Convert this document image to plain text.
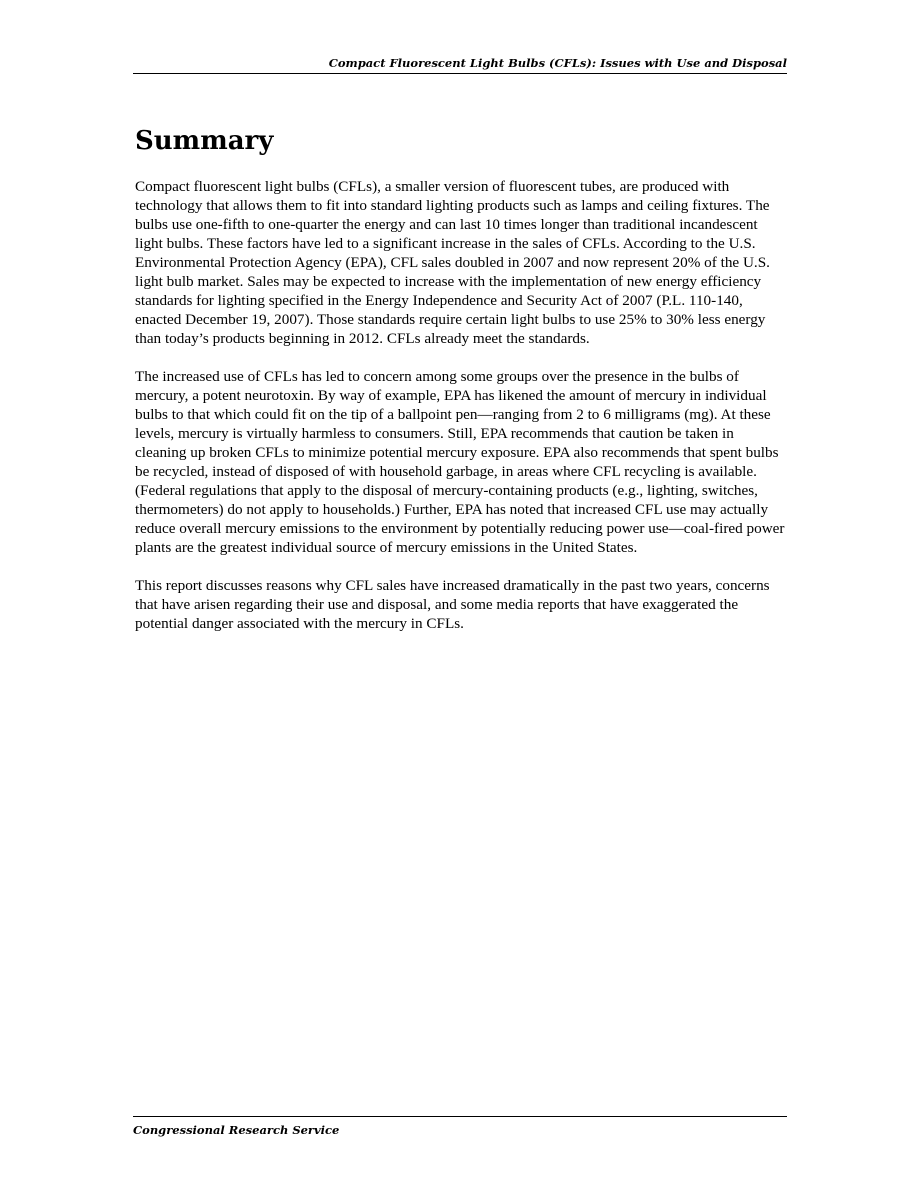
Compact Fluorescent Light Bulbs (CFLs): Issues with Use and Disposal
Summary

Compact fluorescent light bulbs (CFLs), a smaller version of fluorescent tubes, are produced with technology that allows them to fit into standard lighting products such as lamps and ceiling fixtures. The bulbs use one-fifth to one-quarter the energy and can last 10 times longer than traditional incandescent light bulbs. These factors have led to a significant increase in the sales of CFLs. According to the U.S. Environmental Protection Agency (EPA), CFL sales doubled in 2007 and now represent 20% of the U.S. light bulb market. Sales may be expected to increase with the implementation of new energy efficiency standards for lighting specified in the Energy Independence and Security Act of 2007 (P.L. 110-140, enacted December 19, 2007). Those standards require certain light bulbs to use 25% to 30% less energy than today’s products beginning in 2012. CFLs already meet the standards.

The increased use of CFLs has led to concern among some groups over the presence in the bulbs of mercury, a potent neurotoxin. By way of example, EPA has likened the amount of mercury in individual bulbs to that which could fit on the tip of a ballpoint pen—ranging from 2 to 6 milligrams (mg). At these levels, mercury is virtually harmless to consumers. Still, EPA recommends that caution be taken in cleaning up broken CFLs to minimize potential mercury exposure. EPA also recommends that spent bulbs be recycled, instead of disposed of with household garbage, in areas where CFL recycling is available. (Federal regulations that apply to the disposal of mercury-containing products (e.g., lighting, switches, thermometers) do not apply to households.) Further, EPA has noted that increased CFL use may actually reduce overall mercury emissions to the environment by potentially reducing power use—coal-fired power plants are the greatest individual source of mercury emissions in the United States.

This report discusses reasons why CFL sales have increased dramatically in the past two years, concerns that have arisen regarding their use and disposal, and some media reports that have exaggerated the potential danger associated with the mercury in CFLs.

Congressional Research Service
